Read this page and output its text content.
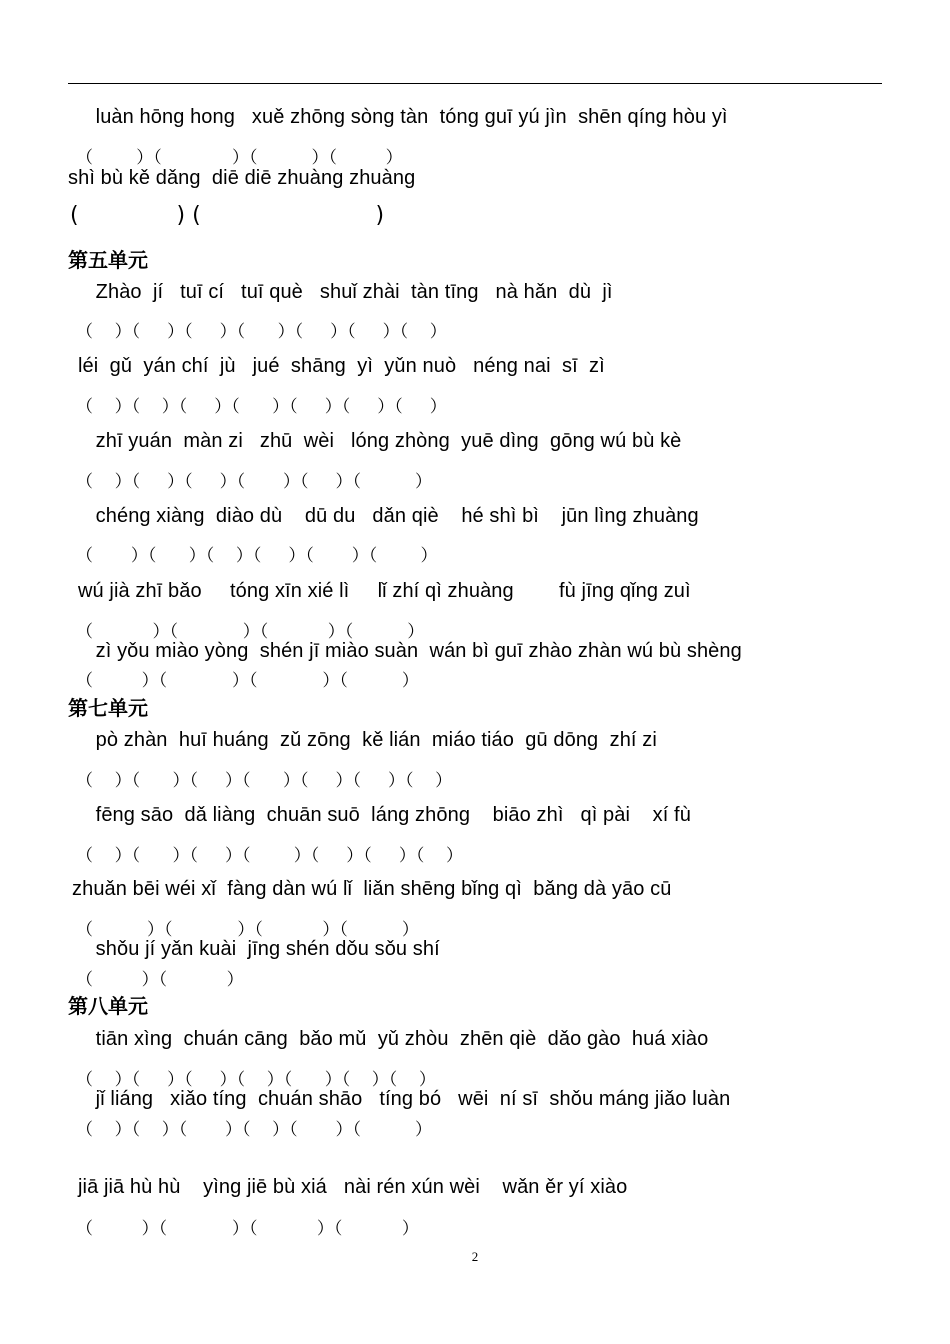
luàn hōng hong   xuě zhōng sòng tàn  tóng guī yú jìn  shēn qíng hòu yì
（        ）（             ）（          ）（         ）
shì bù kě dǎng  diē diē zhuàng zhuàng
(              ) (                         )
第五单元
Zhào  jí   tuī cí   tuī què   shuǐ zhài  tàn tīng   nà hǎn  dù  jì
（    ）（     ）（     ）（      ）（     ）（     ）（    ）
léi  gǔ  yán chí  jù   jué  shāng  yì  yǔn nuò   néng nai  sī  zì
（    ）（    ）（     ）（      ）（     ）（     ）（     ）
zhī yuán  màn zi   zhū  wèi   lóng zhòng  yuē dìng  gōng wú bù kè
（    ）（     ）（     ）（       ）（     ）（          ）
chéng xiàng  diào dù    dū du   dǎn qiè    hé shì bì    jūn lìng zhuàng
（       ）（      ）（    ）（     ）（       ）（        ）
wú jià zhī bǎo     tóng xīn xié lì     lǐ zhí qì zhuàng        fù jīng qǐng zuì
（           ）（            ）（           ）（          ）
zì yǒu miào yòng  shén jī miào suàn  wán bì guī zhào zhàn wú bù shèng
（         ）（            ）（            ）（          ）
第七单元
pò zhàn  huī huáng  zǔ zōng  kě lián  miáo tiáo  gū dōng  zhí zi
（    ）（      ）（     ）（      ）（     ）（     ）（    ）
fēng sāo  dǎ liàng  chuān suō  láng zhōng    biāo zhì   qì pài    xí fù
（    ）（      ）（     ）（        ）（     ）（     ）（    ）
zhuǎn bēi wéi xǐ  fàng dàn wú lǐ  liǎn shēng bǐng qì  bǎng dà yāo cū
（          ）（            ）（           ）（          ）
shǒu jí yǎn kuài  jīng shén dǒu sǒu shí
（         ）（           ）
第八单元
tiān xìng  chuán cāng  bǎo mǔ  yǔ zhòu  zhēn qiè  dǎo gào  huá xiào
（    ）（     ）（     ）（    ）（      ）（    ）（    ）
jǐ liáng   xiǎo tíng  chuán shāo   tíng bó   wēi  ní sī  shǒu máng jiǎo luàn
（    ）（    ）（       ）（    ）（       ）（          ）
jiā jiā hù hù    yìng jiē bù xiá   nài rén xún wèi    wǎn ěr yí xiào
（         ）（            ）（           ）（           ）
2
